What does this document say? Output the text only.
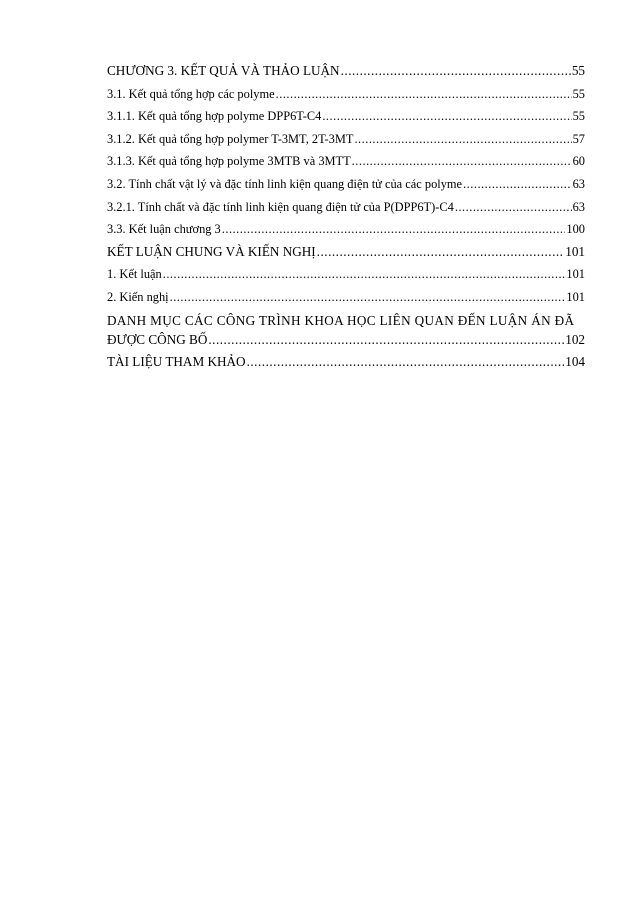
CHƯƠNG 3. KẾT QUẢ VÀ THẢO LUẬN .....	55
3.1. Kết quả tổng hợp các polyme .....	55
3.1.1. Kết quả tổng hợp polyme DPP6T-C4 .....	55
3.1.2. Kết quả tổng hợp polymer T-3MT, 2T-3MT .....	57
3.1.3. Kết quả tổng hợp polyme 3MTB và 3MTT .....	60
3.2. Tính chất vật lý và đặc tính linh kiện quang điện tử của các polyme .....	63
3.2.1. Tính chất và đặc tính linh kiện quang điện tử của P(DPP6T)-C4 .....	63
3.3. Kết luận chương 3 .....	100
KẾT LUẬN CHUNG VÀ KIẾN NGHỊ .....	101
1. Kết luận .....	101
2. Kiến nghị .....	101
DANH MỤC CÁC CÔNG TRÌNH KHOA HỌC LIÊN QUAN ĐẾN LUẬN ÁN ĐÃ
ĐƯỢC CÔNG BỐ .....	102
TÀI LIỆU THAM KHẢO .....	104
